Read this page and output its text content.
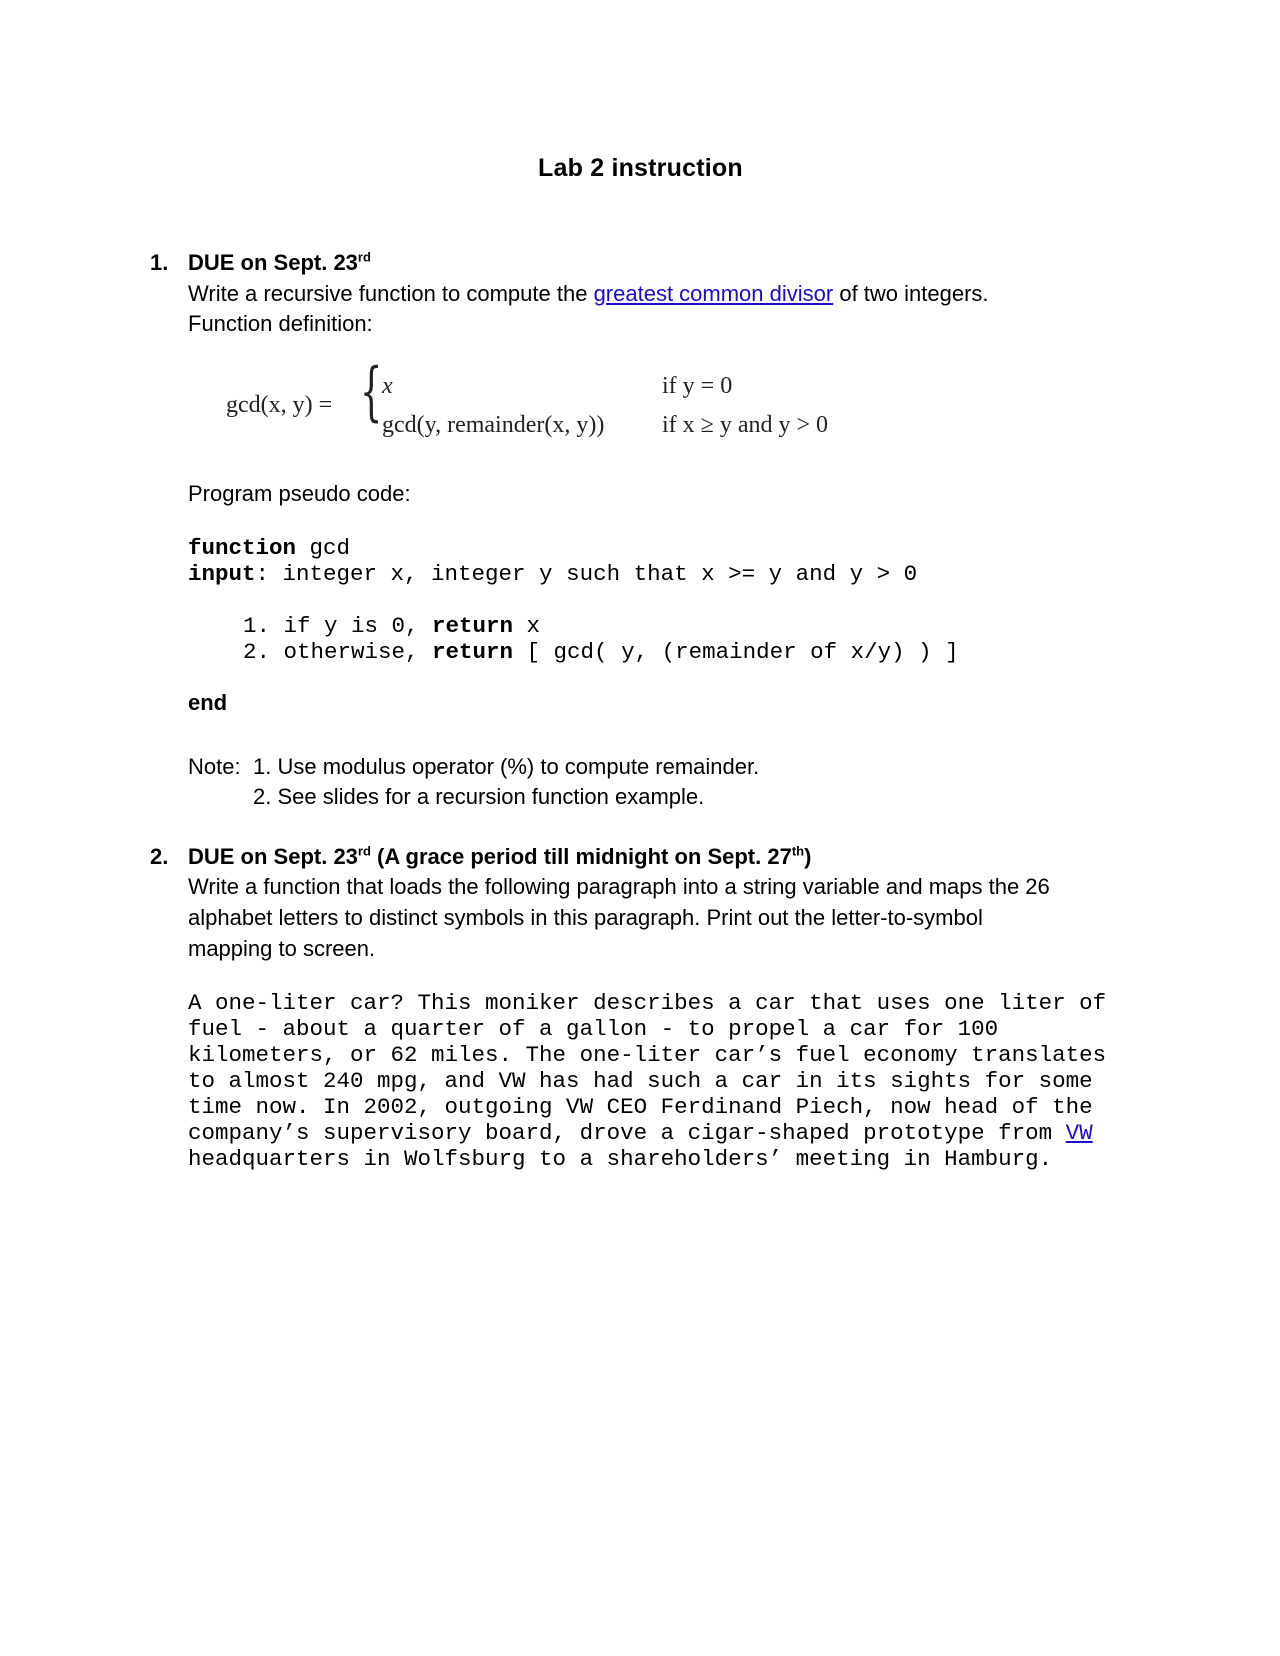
Lab 2 instruction
1. DUE on Sept. 23rd
Write a recursive function to compute the greatest common divisor of two integers.
Function definition:
gcd(x, y) = { x	if y = 0
gcd(y, remainder(x, y)) if x ≥ y and y > 0
Program pseudo code:
function gcd
input: integer x, integer y such that x >= y and y > 0
1. if y is 0, return x
2. otherwise, return [ gcd( y, (remainder of x/y) ) ]
end
Note: 1. Use modulus operator (%) to compute remainder.
2. See slides for a recursion function example.
2. DUE on Sept. 23rd (A grace period till midnight on Sept. 27th)
Write a function that loads the following paragraph into a string variable and maps the 26
alphabet letters to distinct symbols in this paragraph. Print out the letter-to-symbol
mapping to screen.
A one-liter car? This moniker describes a car that uses one liter of
fuel - about a quarter of a gallon - to propel a car for 100
kilometers, or 62 miles. The one-liter car’s fuel economy translates
to almost 240 mpg, and VW has had such a car in its sights for some
time now. In 2002, outgoing VW CEO Ferdinand Piech, now head of the
company’s supervisory board, drove a cigar-shaped prototype from VW
headquarters in Wolfsburg to a shareholders’ meeting in Hamburg.
